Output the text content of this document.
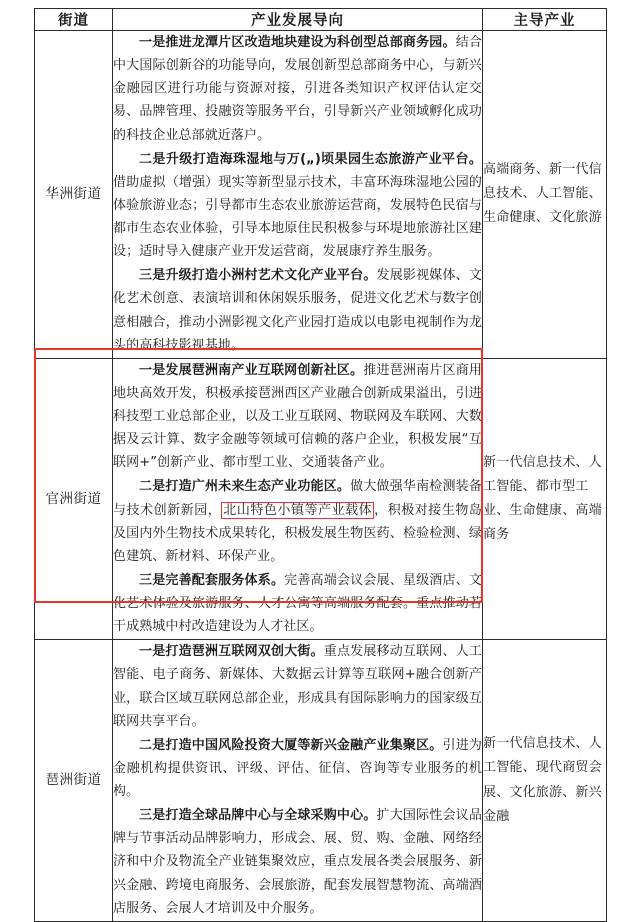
街道	产业发展导向	主导产业
华洲街道	一是推进龙潭片区改造地块建设为科创型总部商务园。结合中大国际创新谷的功能导向，发展创新型总部商务中心，与新兴金融园区进行功能与资源对接，引进各类知识产权评估认定交易、品牌管理、投融资等服务平台，引导新兴产业领域孵化成功的科技企业总部就近落户。

二是升级打造海珠湿地与万(„)顷果园生态旅游产业平台。借助虚拟（增强）现实等新型显示技术，丰富环海珠湿地公园的体验旅游业态；引导都市生态农业旅游运营商，发展特色民宿与都市生态农业体验，引导本地原住民积极参与环堤地旅游社区建设；适时导入健康产业开发运营商，发展康疗养生服务。

三是升级打造小洲村艺术文化产业平台。发展影视媒体、文化艺术创意、表演培训和休闲娱乐服务，促进文化艺术与数字创意相融合，推动小洲影视文化产业园打造成以电影电视制作为龙头的高科技影视基地。	高端商务、新一代信息技术、人工智能、生命健康、文化旅游
官洲街道	一是发展琶洲南产业互联网创新社区。推进琶洲南片区商用地块高效开发，积极承接琶洲西区产业融合创新成果溢出，引进科技型工业总部企业，以及工业互联网、物联网及车联网、大数据及云计算、数字金融等领域可信赖的落户企业，积极发展“互联网+”创新产业、都市型工业、交通装备产业。

二是打造广州未来生态产业功能区。做大做强华南检测装备与技术创新新园， 北山特色小镇等产业载体 ，积极对接生物岛及国内外生物技术成果转化，积极发展生物医药、检验检测、绿色建筑、新材料、环保产业。

三是完善配套服务体系。完善高端会议会展、星级酒店、文化艺术体验及旅游服务、人才公寓等高端服务配套。重点推动若干成熟城中村改造建设为人才社区。	新一代信息技术、人工智能、都市型工业、生命健康、高端商务
琶洲街道	一是打造琶洲互联网双创大街。重点发展移动互联网、人工智能、电子商务、新媒体、大数据云计算等互联网+融合创新产业，联合区域互联网总部企业，形成具有国际影响力的国家级互联网共享平台。

二是打造中国风险投资大厦等新兴金融产业集聚区。引进为金融机构提供资讯、评级、评估、征信、咨询等专业服务的机构。

三是打造全球品牌中心与全球采购中心。扩大国际性会议品牌与节事活动品牌影响力，形成会、展、贸、购、金融、网络经济和中介及物流全产业链集聚效应，重点发展各类会展服务、新兴金融、跨境电商服务、会展旅游，配套发展智慧物流、高端酒店服务、会展人才培训及中介服务。	新一代信息技术、人工智能、现代商贸会展、文化旅游、新兴金融
